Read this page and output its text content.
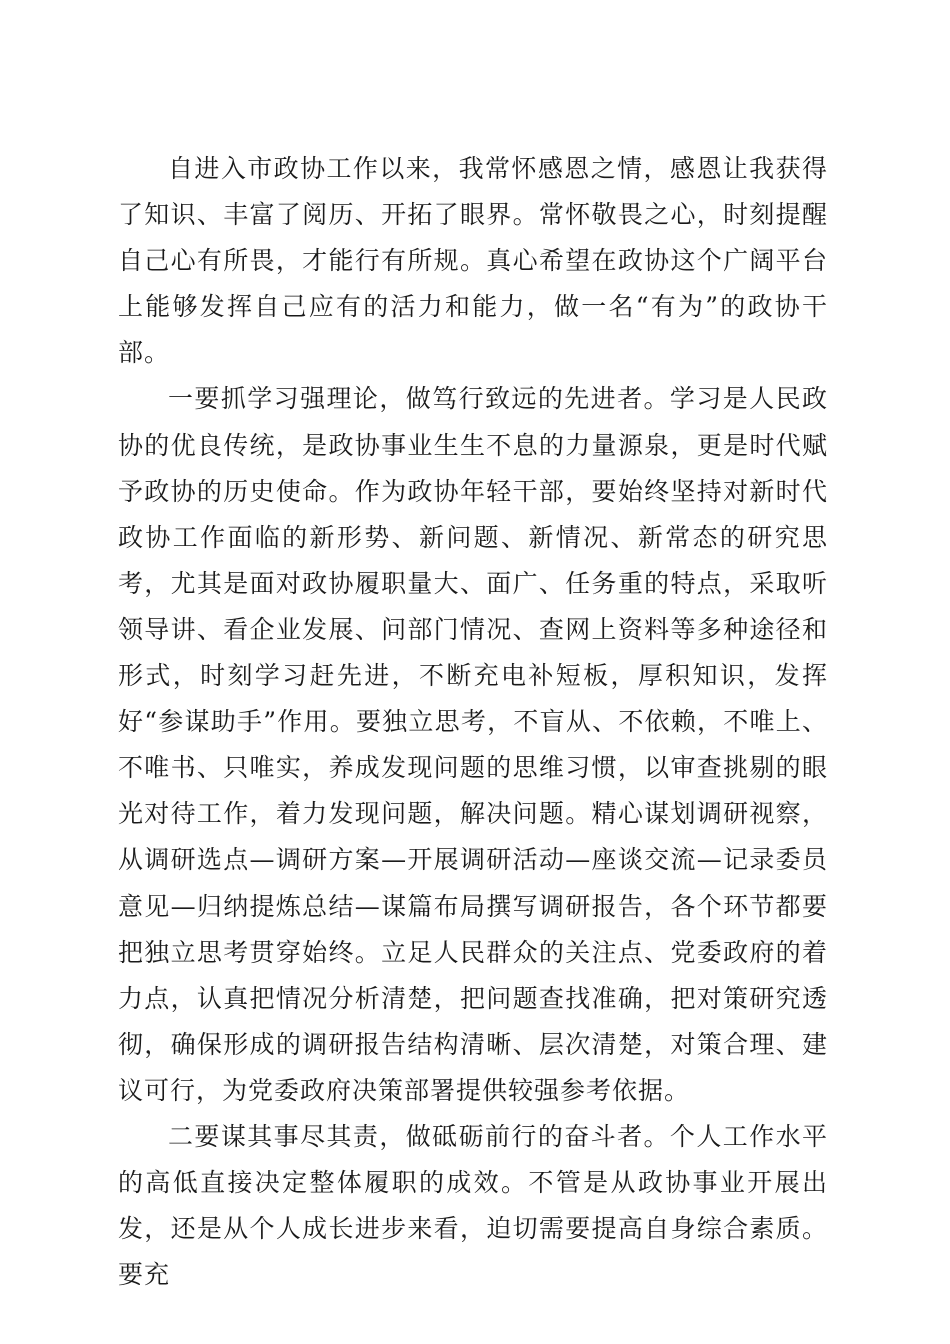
自进入市政协工作以来，我常怀感恩之情，感恩让我获得了知识、丰富了阅历、开拓了眼界。常怀敬畏之心，时刻提醒自己心有所畏，才能行有所规。真心希望在政协这个广阔平台上能够发挥自己应有的活力和能力，做一名“有为”的政协干部。

一要抓学习强理论，做笃行致远的先进者。学习是人民政协的优良传统，是政协事业生生不息的力量源泉，更是时代赋予政协的历史使命。作为政协年轻干部，要始终坚持对新时代政协工作面临的新形势、新问题、新情况、新常态的研究思考，尤其是面对政协履职量大、面广、任务重的特点，采取听领导讲、看企业发展、问部门情况、查网上资料等多种途径和形式，时刻学习赶先进，不断充电补短板，厚积知识，发挥好“参谋助手”作用。要独立思考，不盲从、不依赖，不唯上、不唯书、只唯实，养成发现问题的思维习惯，以审查挑剔的眼光对待工作，着力发现问题，解决问题。精心谋划调研视察，从调研选点—调研方案—开展调研活动—座谈交流—记录委员意见—归纳提炼总结—谋篇布局撰写调研报告，各个环节都要把独立思考贯穿始终。立足人民群众的关注点、党委政府的着力点，认真把情况分析清楚，把问题查找准确，把对策研究透彻，确保形成的调研报告结构清晰、层次清楚，对策合理、建议可行，为党委政府决策部署提供较强参考依据。

二要谋其事尽其责，做砥砺前行的奋斗者。个人工作水平的高低直接决定整体履职的成效。不管是从政协事业开展出发，还是从个人成长进步来看，迫切需要提高自身综合素质。要充
